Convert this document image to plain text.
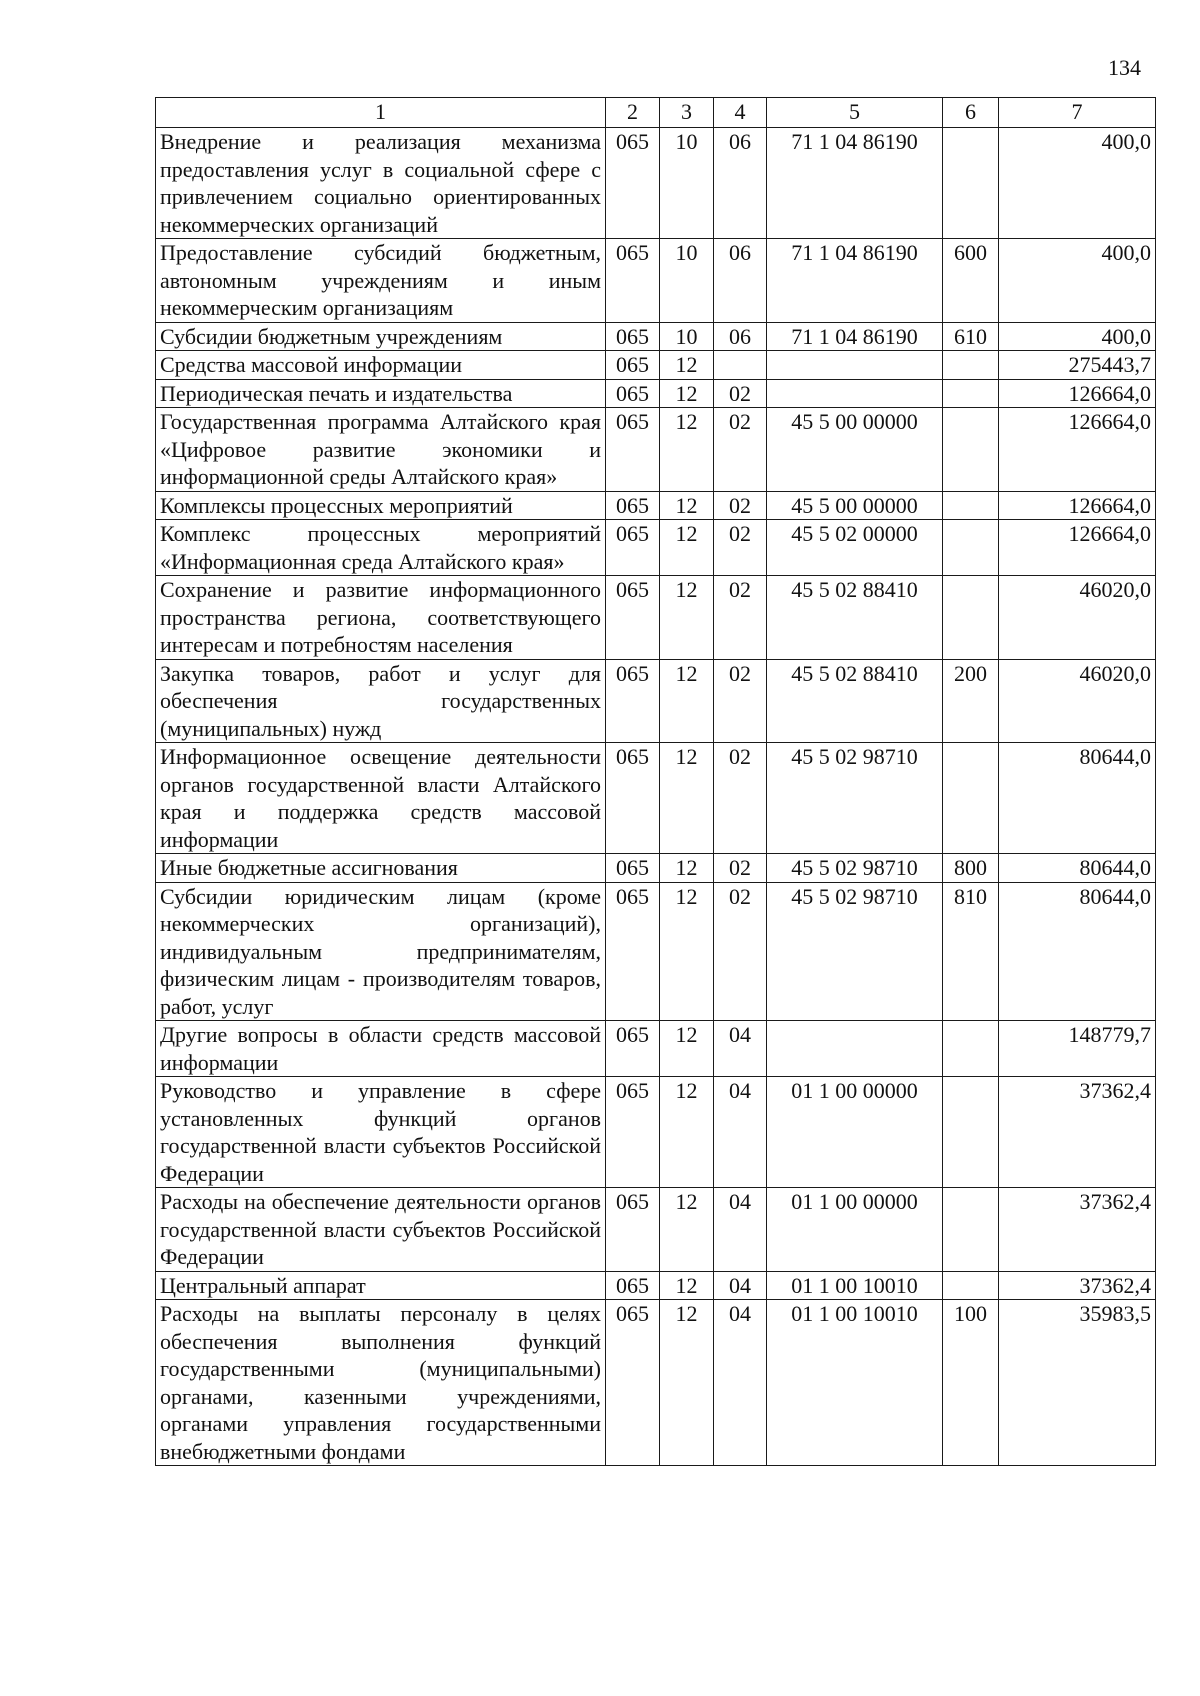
134
1	2	3	4	5	6	7
Внедрение и реализация механизма предоставления услуг в социальной сфере с привлечением социально ориентированных некоммерческих организаций	065	10	06	71 1 04 86190		400,0
Предоставление субсидий бюджетным, автономным учреждениям и иным некоммерческим организациям	065	10	06	71 1 04 86190	600	400,0
Субсидии бюджетным учреждениям	065	10	06	71 1 04 86190	610	400,0
Средства массовой информации	065	12				275443,7
Периодическая печать и издательства	065	12	02			126664,0
Государственная программа Алтайского края «Цифровое развитие экономики и информационной среды Алтайского края»	065	12	02	45 5 00 00000		126664,0
Комплексы процессных мероприятий	065	12	02	45 5 00 00000		126664,0
Комплекс процессных мероприятий «Информационная среда Алтайского края»	065	12	02	45 5 02 00000		126664,0
Сохранение и развитие информационного пространства региона, соответствующего интересам и потребностям населения	065	12	02	45 5 02 88410		46020,0
Закупка товаров, работ и услуг для обеспечения государственных (муниципальных) нужд	065	12	02	45 5 02 88410	200	46020,0
Информационное освещение деятельности органов государственной власти Алтайского края и поддержка средств массовой информации	065	12	02	45 5 02 98710		80644,0
Иные бюджетные ассигнования	065	12	02	45 5 02 98710	800	80644,0
Субсидии юридическим лицам (кроме некоммерческих организаций), индивидуальным предпринимателям, физическим лицам - производителям товаров, работ, услуг	065	12	02	45 5 02 98710	810	80644,0
Другие вопросы в области средств массовой информации	065	12	04			148779,7
Руководство и управление в сфере установленных функций органов государственной власти субъектов Российской Федерации	065	12	04	01 1 00 00000		37362,4
Расходы на обеспечение деятельности органов государственной власти субъектов Российской Федерации	065	12	04	01 1 00 00000		37362,4
Центральный аппарат	065	12	04	01 1 00 10010		37362,4
Расходы на выплаты персоналу в целях обеспечения выполнения функций государственными (муниципальными) органами, казенными учреждениями, органами управления государственными внебюджетными фондами	065	12	04	01 1 00 10010	100	35983,5
